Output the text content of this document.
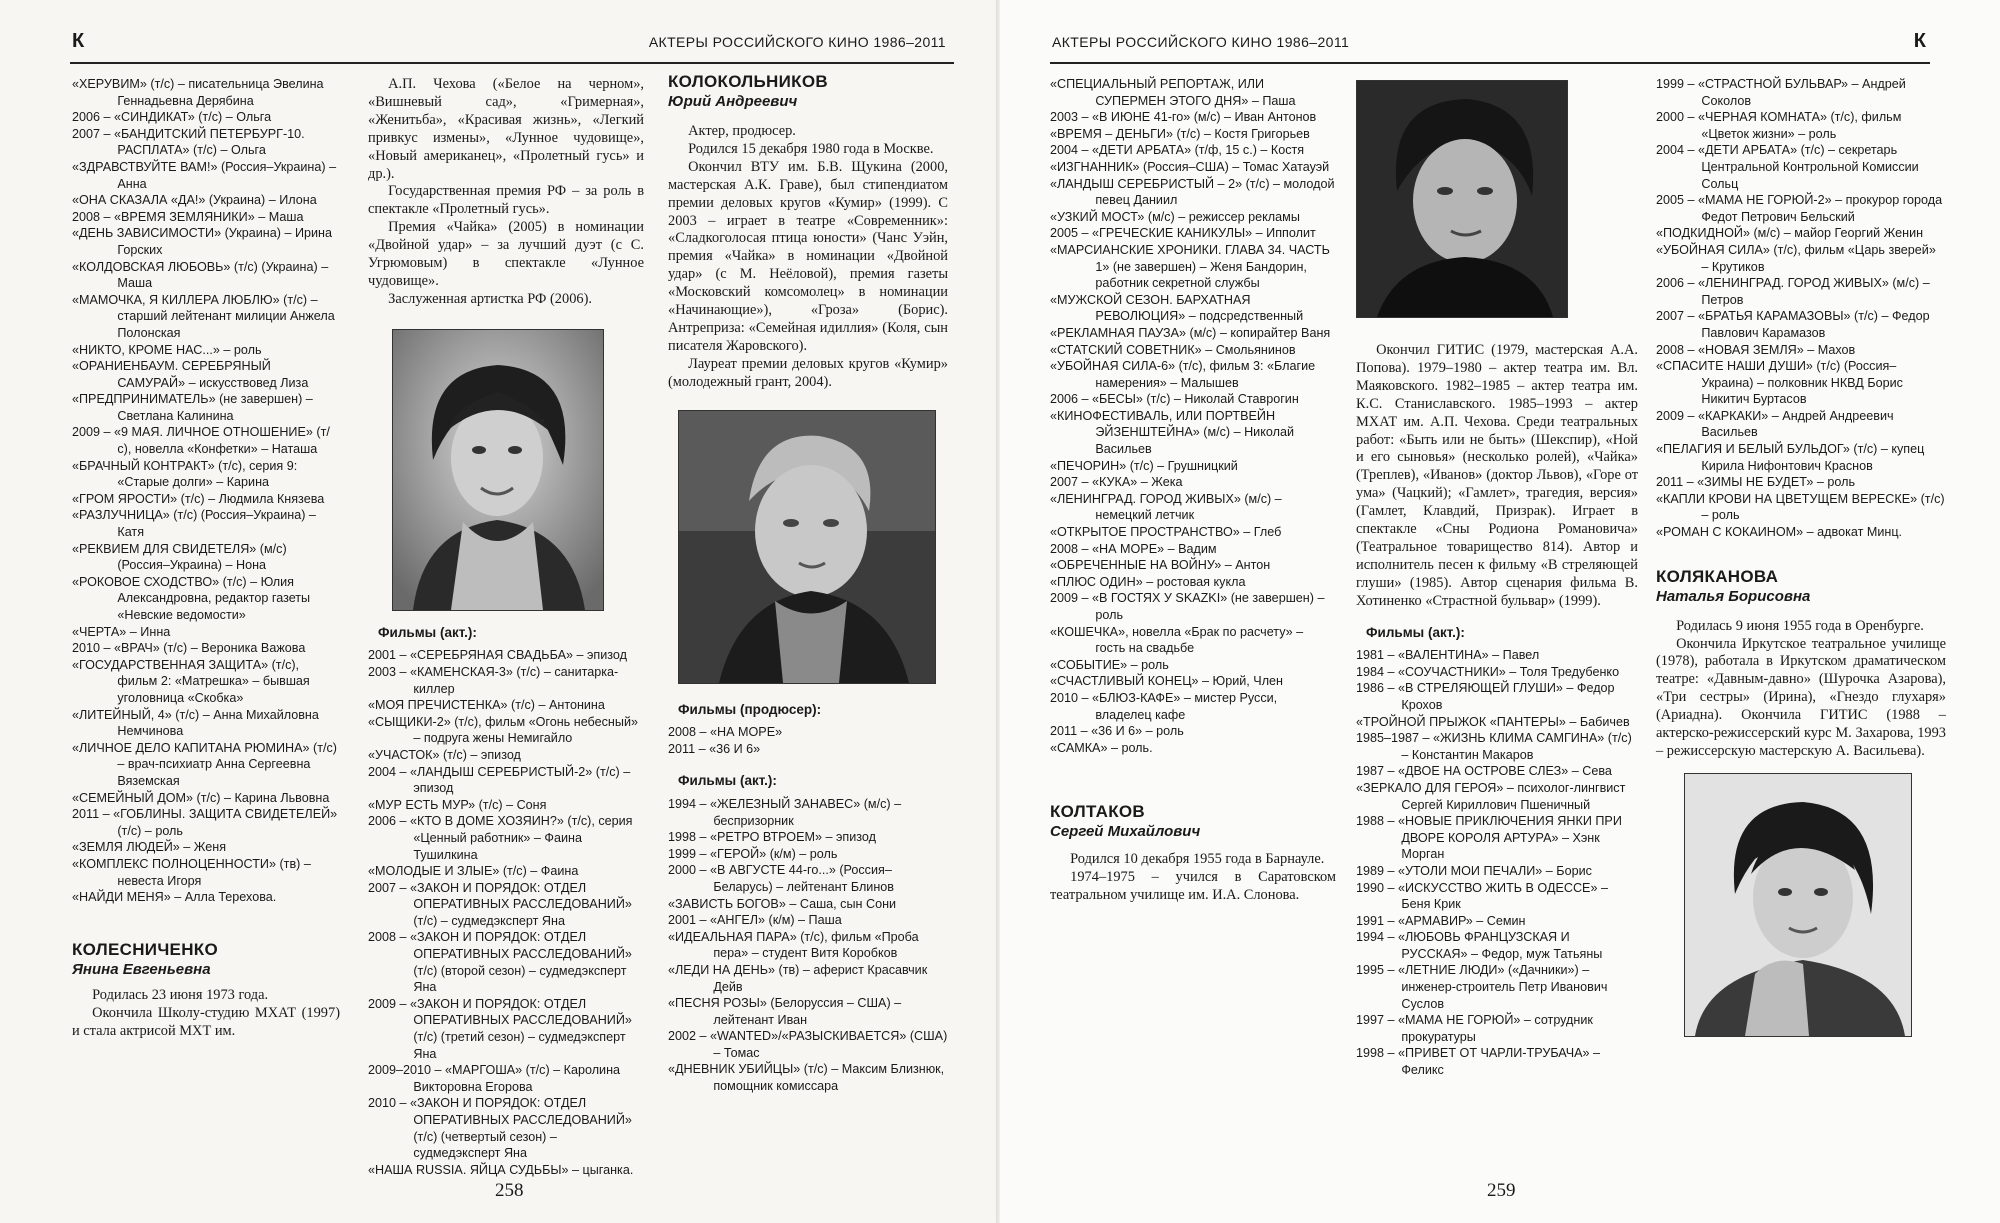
К	АКТЕРЫ РОССИЙСКОГО КИНО 1986–2011

«ХЕРУВИМ» (т/с) – писательница Эвелина Геннадьевна Дерябина

2006 – «СИНДИКАТ» (т/с) – Ольга

2007 – «БАНДИТСКИЙ ПЕТЕРБУРГ-10. РАСПЛАТА» (т/с) – Ольга

«ЗДРАВСТВУЙТЕ ВАМ!» (Россия–Украина) – Анна

«ОНА СКАЗАЛА «ДА!» (Украина) – Илона

2008 – «ВРЕМЯ ЗЕМЛЯНИКИ» – Маша

«ДЕНЬ ЗАВИСИМОСТИ» (Украина) – Ирина Горских

«КОЛДОВСКАЯ ЛЮБОВЬ» (т/с) (Украина) – Маша

«МАМОЧКА, Я КИЛЛЕРА ЛЮБЛЮ» (т/с) – старший лейтенант милиции Анжела Полонская

«НИКТО, КРОМЕ НАС...» – роль

«ОРАНИЕНБАУМ. СЕРЕБРЯНЫЙ САМУРАЙ» – искусствовед Лиза

«ПРЕДПРИНИМАТЕЛЬ» (не завершен) – Светлана Калинина

2009 – «9 МАЯ. ЛИЧНОЕ ОТНОШЕНИЕ» (т/с), новелла «Конфетки» – Наташа

«БРАЧНЫЙ КОНТРАКТ» (т/с), серия 9: «Старые долги» – Карина

«ГРОМ ЯРОСТИ» (т/с) – Людмила Князева

«РАЗЛУЧНИЦА» (т/с) (Россия–Украина) – Катя

«РЕКВИЕМ ДЛЯ СВИДЕТЕЛЯ» (м/с) (Россия–Украина) – Нона

«РОКОВОЕ СХОДСТВО» (т/с) – Юлия Александровна, редактор газеты «Невские ведомости»

«ЧЕРТА» – Инна

2010 – «ВРАЧ» (т/с) – Вероника Важова

«ГОСУДАРСТВЕННАЯ ЗАЩИТА» (т/с), фильм 2: «Матрешка» – бывшая уголовница «Скобка»

«ЛИТЕЙНЫЙ, 4» (т/с) – Анна Михайловна Немчинова

«ЛИЧНОЕ ДЕЛО КАПИТАНА РЮМИНА» (т/с) – врач-психиатр Анна Сергеевна Вяземская

«СЕМЕЙНЫЙ ДОМ» (т/с) – Карина Львовна

2011 – «ГОБЛИНЫ. ЗАЩИТА СВИДЕТЕЛЕЙ» (т/с) – роль

«ЗЕМЛЯ ЛЮДЕЙ» – Женя

«КОМПЛЕКС ПОЛНОЦЕННОСТИ» (тв) – невеста Игоря

«НАЙДИ МЕНЯ» – Алла Терехова.

КОЛЕСНИЧЕНКО
Янина Евгеньевна

Родилась 23 июня 1973 года.

Окончила Школу-студию МХАТ (1997) и стала актрисой МХТ им.

А.П. Чехова («Белое на черном», «Вишневый сад», «Гримерная», «Женитьба», «Красивая жизнь», «Легкий привкус измены», «Лунное чудовище», «Новый американец», «Пролетный гусь» и др.).

Государственная премия РФ – за роль в спектакле «Пролетный гусь».

Премия «Чайка» (2005) в номинации «Двойной удар» – за лучший дуэт (с С. Угрюмовым) в спектакле «Лунное чудовище».

Заслуженная артистка РФ (2006).

Фильмы (акт.):

2001 – «СЕРЕБРЯНАЯ СВАДЬБА» – эпизод

2003 – «КАМЕНСКАЯ-3» (т/с) – санитарка-киллер

«МОЯ ПРЕЧИСТЕНКА» (т/с) – Антонина

«СЫЩИКИ-2» (т/с), фильм «Огонь небесный» – подруга жены Немигайло

«УЧАСТОК» (т/с) – эпизод

2004 – «ЛАНДЫШ СЕРЕБРИСТЫЙ-2» (т/с) – эпизод

«МУР ЕСТЬ МУР» (т/с) – Соня

2006 – «КТО В ДОМЕ ХОЗЯИН?» (т/с), серия «Ценный работник» – Фаина Тушилкина

«МОЛОДЫЕ И ЗЛЫЕ» (т/с) – Фаина

2007 – «ЗАКОН И ПОРЯДОК: ОТДЕЛ ОПЕРАТИВНЫХ РАССЛЕДОВАНИЙ» (т/с) – судмедэксперт Яна

2008 – «ЗАКОН И ПОРЯДОК: ОТДЕЛ ОПЕРАТИВНЫХ РАССЛЕДОВАНИЙ» (т/с) (второй сезон) – судмедэксперт Яна

2009 – «ЗАКОН И ПОРЯДОК: ОТДЕЛ ОПЕРАТИВНЫХ РАССЛЕДОВАНИЙ» (т/с) (третий сезон) – судмедэксперт Яна

2009–2010 – «МАРГОША» (т/с) – Каролина Викторовна Егорова

2010 – «ЗАКОН И ПОРЯДОК: ОТДЕЛ ОПЕРАТИВНЫХ РАССЛЕДОВАНИЙ» (т/с) (четвертый сезон) – судмедэксперт Яна

«НАША RUSSIA. ЯЙЦА СУДЬБЫ» – цыганка.

КОЛОКОЛЬНИКОВ
Юрий Андреевич

Актер, продюсер.

Родился 15 декабря 1980 года в Москве.

Окончил ВТУ им. Б.В. Щукина (2000, мастерская А.К. Граве), был стипендиатом премии деловых кругов «Кумир» (1999). С 2003 – играет в театре «Современник»: «Сладкоголосая птица юности» (Чанс Уэйн, премия «Чайка» в номинации «Двойной удар» (с М. Неёловой), премия газеты «Московский комсомолец» в номинации «Начинающие»), «Гроза» (Борис). Антреприза: «Семейная идиллия» (Коля, сын писателя Жаровского).

Лауреат премии деловых кругов «Кумир» (молодежный грант, 2004).

Фильмы (продюсер):

2008 – «НА МОРЕ»

2011 – «36 И 6»

Фильмы (акт.):

1994 – «ЖЕЛЕЗНЫЙ ЗАНАВЕС» (м/с) – беспризорник

1998 – «РЕТРО ВТРОЕМ» – эпизод

1999 – «ГЕРОЙ» (к/м) – роль

2000 – «В АВГУСТЕ 44-го...» (Россия–Беларусь) – лейтенант Блинов

«ЗАВИСТЬ БОГОВ» – Саша, сын Сони

2001 – «АНГЕЛ» (к/м) – Паша

«ИДЕАЛЬНАЯ ПАРА» (т/с), фильм «Проба пера» – студент Витя Коробков

«ЛЕДИ НА ДЕНЬ» (тв) – аферист Красавчик Дейв

«ПЕСНЯ РОЗЫ» (Белоруссия – США) – лейтенант Иван

2002 – «WANTED»/«РАЗЫСКИВАЕТСЯ» (США) – Томас

«ДНЕВНИК УБИЙЦЫ» (т/с) – Максим Близнюк, помощник комиссара

258
АКТЕРЫ РОССИЙСКОГО КИНО 1986–2011	К

«СПЕЦИАЛЬНЫЙ РЕПОРТАЖ, ИЛИ СУПЕРМЕН ЭТОГО ДНЯ» – Паша

2003 – «В ИЮНЕ 41-го» (м/с) – Иван Антонов

«ВРЕМЯ – ДЕНЬГИ» (т/с) – Костя Григорьев

2004 – «ДЕТИ АРБАТА» (т/ф, 15 с.) – Костя

«ИЗГНАННИК» (Россия–США) – Томас Хатауэй

«ЛАНДЫШ СЕРЕБРИСТЫЙ – 2» (т/с) – молодой певец Даниил

«УЗКИЙ МОСТ» (м/с) – режиссер рекламы

2005 – «ГРЕЧЕСКИЕ КАНИКУЛЫ» – Ипполит

«МАРСИАНСКИЕ ХРОНИКИ. ГЛАВА 34. ЧАСТЬ 1» (не завершен) – Женя Бандорин, работник секретной службы

«МУЖСКОЙ СЕЗОН. БАРХАТНАЯ РЕВОЛЮЦИЯ» – подсредственный

«РЕКЛАМНАЯ ПАУЗА» (м/с) – копирайтер Ваня

«СТАТСКИЙ СОВЕТНИК» – Смольянинов

«УБОЙНАЯ СИЛА-6» (т/с), фильм 3: «Благие намерения» – Малышев

2006 – «БЕСЫ» (т/с) – Николай Ставрогин

«КИНОФЕСТИВАЛЬ, ИЛИ ПОРТВЕЙН ЭЙЗЕНШТЕЙНА» (м/с) – Николай Васильев

«ПЕЧОРИН» (т/с) – Грушницкий

2007 – «КУКА» – Жека

«ЛЕНИНГРАД. ГОРОД ЖИВЫХ» (м/с) – немецкий летчик

«ОТКРЫТОЕ ПРОСТРАНСТВО» – Глеб

2008 – «НА МОРЕ» – Вадим

«ОБРЕЧЕННЫЕ НА ВОЙНУ» – Антон

«ПЛЮС ОДИН» – ростовая кукла

2009 – «В ГОСТЯХ У SKAZKI» (не завершен) – роль

«КОШЕЧКА», новелла «Брак по расчету» – гость на свадьбе

«СОБЫТИЕ» – роль

«СЧАСТЛИВЫЙ КОНЕЦ» – Юрий, Член

2010 – «БЛЮЗ-КАФЕ» – мистер Русси, владелец кафе

2011 – «36 И 6» – роль

«САМКА» – роль.

КОЛТАКОВ
Сергей Михайлович

Родился 10 декабря 1955 года в Барнауле.

1974–1975 – учился в Саратовском театральном училище им. И.А. Слонова.

Окончил ГИТИС (1979, мастерская А.А. Попова). 1979–1980 – актер театра им. Вл. Маяковского. 1982–1985 – актер театра им. К.С. Станиславского. 1985–1993 – актер МХАТ им. А.П. Чехова. Среди театральных работ: «Быть или не быть» (Шекспир), «Ной и его сыновья» (несколько ролей), «Чайка» (Треплев), «Иванов» (доктор Львов), «Горе от ума» (Чацкий); «Гамлет», трагедия, версия» (Гамлет, Клавдий, Призрак). Играет в спектакле «Сны Родиона Романовича» (Театральное товарищество 814). Автор и исполнитель песен к фильму «В стреляющей глуши» (1985). Автор сценария фильма В. Хотиненко «Страстной бульвар» (1999).

Фильмы (акт.):

1981 – «ВАЛЕНТИНА» – Павел

1984 – «СОУЧАСТНИКИ» – Толя Тредубенко

1986 – «В СТРЕЛЯЮЩЕЙ ГЛУШИ» – Федор Крохов

«ТРОЙНОЙ ПРЫЖОК «ПАНТЕРЫ» – Бабичев

1985–1987 – «ЖИЗНЬ КЛИМА САМГИНА» (т/с) – Константин Макаров

1987 – «ДВОЕ НА ОСТРОВЕ СЛЕЗ» – Сева

«ЗЕРКАЛО ДЛЯ ГЕРОЯ» – психолог-лингвист Сергей Кириллович Пшеничный

1988 – «НОВЫЕ ПРИКЛЮЧЕНИЯ ЯНКИ ПРИ ДВОРЕ КОРОЛЯ АРТУРА» – Хэнк Морган

1989 – «УТОЛИ МОИ ПЕЧАЛИ» – Борис

1990 – «ИСКУССТВО ЖИТЬ В ОДЕССЕ» – Беня Крик

1991 – «АРМАВИР» – Семин

1994 – «ЛЮБОВЬ ФРАНЦУЗСКАЯ И РУССКАЯ» – Федор, муж Татьяны

1995 – «ЛЕТНИЕ ЛЮДИ» («Дачники») – инженер-строитель Петр Иванович Суслов

1997 – «МАМА НЕ ГОРЮЙ» – сотрудник прокуратуры

1998 – «ПРИВЕТ ОТ ЧАРЛИ-ТРУБАЧА» – Феликс

1999 – «СТРАСТНОЙ БУЛЬВАР» – Андрей Соколов

2000 – «ЧЕРНАЯ КОМНАТА» (т/с), фильм «Цветок жизни» – роль

2004 – «ДЕТИ АРБАТА» (т/с) – секретарь Центральной Контрольной Комиссии Сольц

2005 – «МАМА НЕ ГОРЮЙ-2» – прокурор города Федот Петрович Бельский

«ПОДКИДНОЙ» (м/с) – майор Георгий Женин

«УБОЙНАЯ СИЛА» (т/с), фильм «Царь зверей» – Крутиков

2006 – «ЛЕНИНГРАД. ГОРОД ЖИВЫХ» (м/с) – Петров

2007 – «БРАТЬЯ КАРАМАЗОВЫ» (т/с) – Федор Павлович Карамазов

2008 – «НОВАЯ ЗЕМЛЯ» – Махов

«СПАСИТЕ НАШИ ДУШИ» (т/с) (Россия–Украина) – полковник НКВД Борис Никитич Буртасов

2009 – «КАРКАКИ» – Андрей Андреевич Васильев

«ПЕЛАГИЯ И БЕЛЫЙ БУЛЬДОГ» (т/с) – купец Кирила Нифонтович Краснов

2011 – «ЗИМЫ НЕ БУДЕТ» – роль

«КАПЛИ КРОВИ НА ЦВЕТУЩЕМ ВЕРЕСКЕ» (т/с) – роль

«РОМАН С КОКАИНОМ» – адвокат Минц.

КОЛЯКАНОВА
Наталья Борисовна

Родилась 9 июня 1955 года в Оренбурге.

Окончила Иркутское театральное училище (1978), работала в Иркутском драматическом театре: «Давным-давно» (Шурочка Азарова), «Три сестры» (Ирина), «Гнездо глухаря» (Ариадна). Окончила ГИТИС (1988 – актерско-режиссерский курс М. Захарова, 1993 – режиссерскую мастерскую А. Васильева).

259
